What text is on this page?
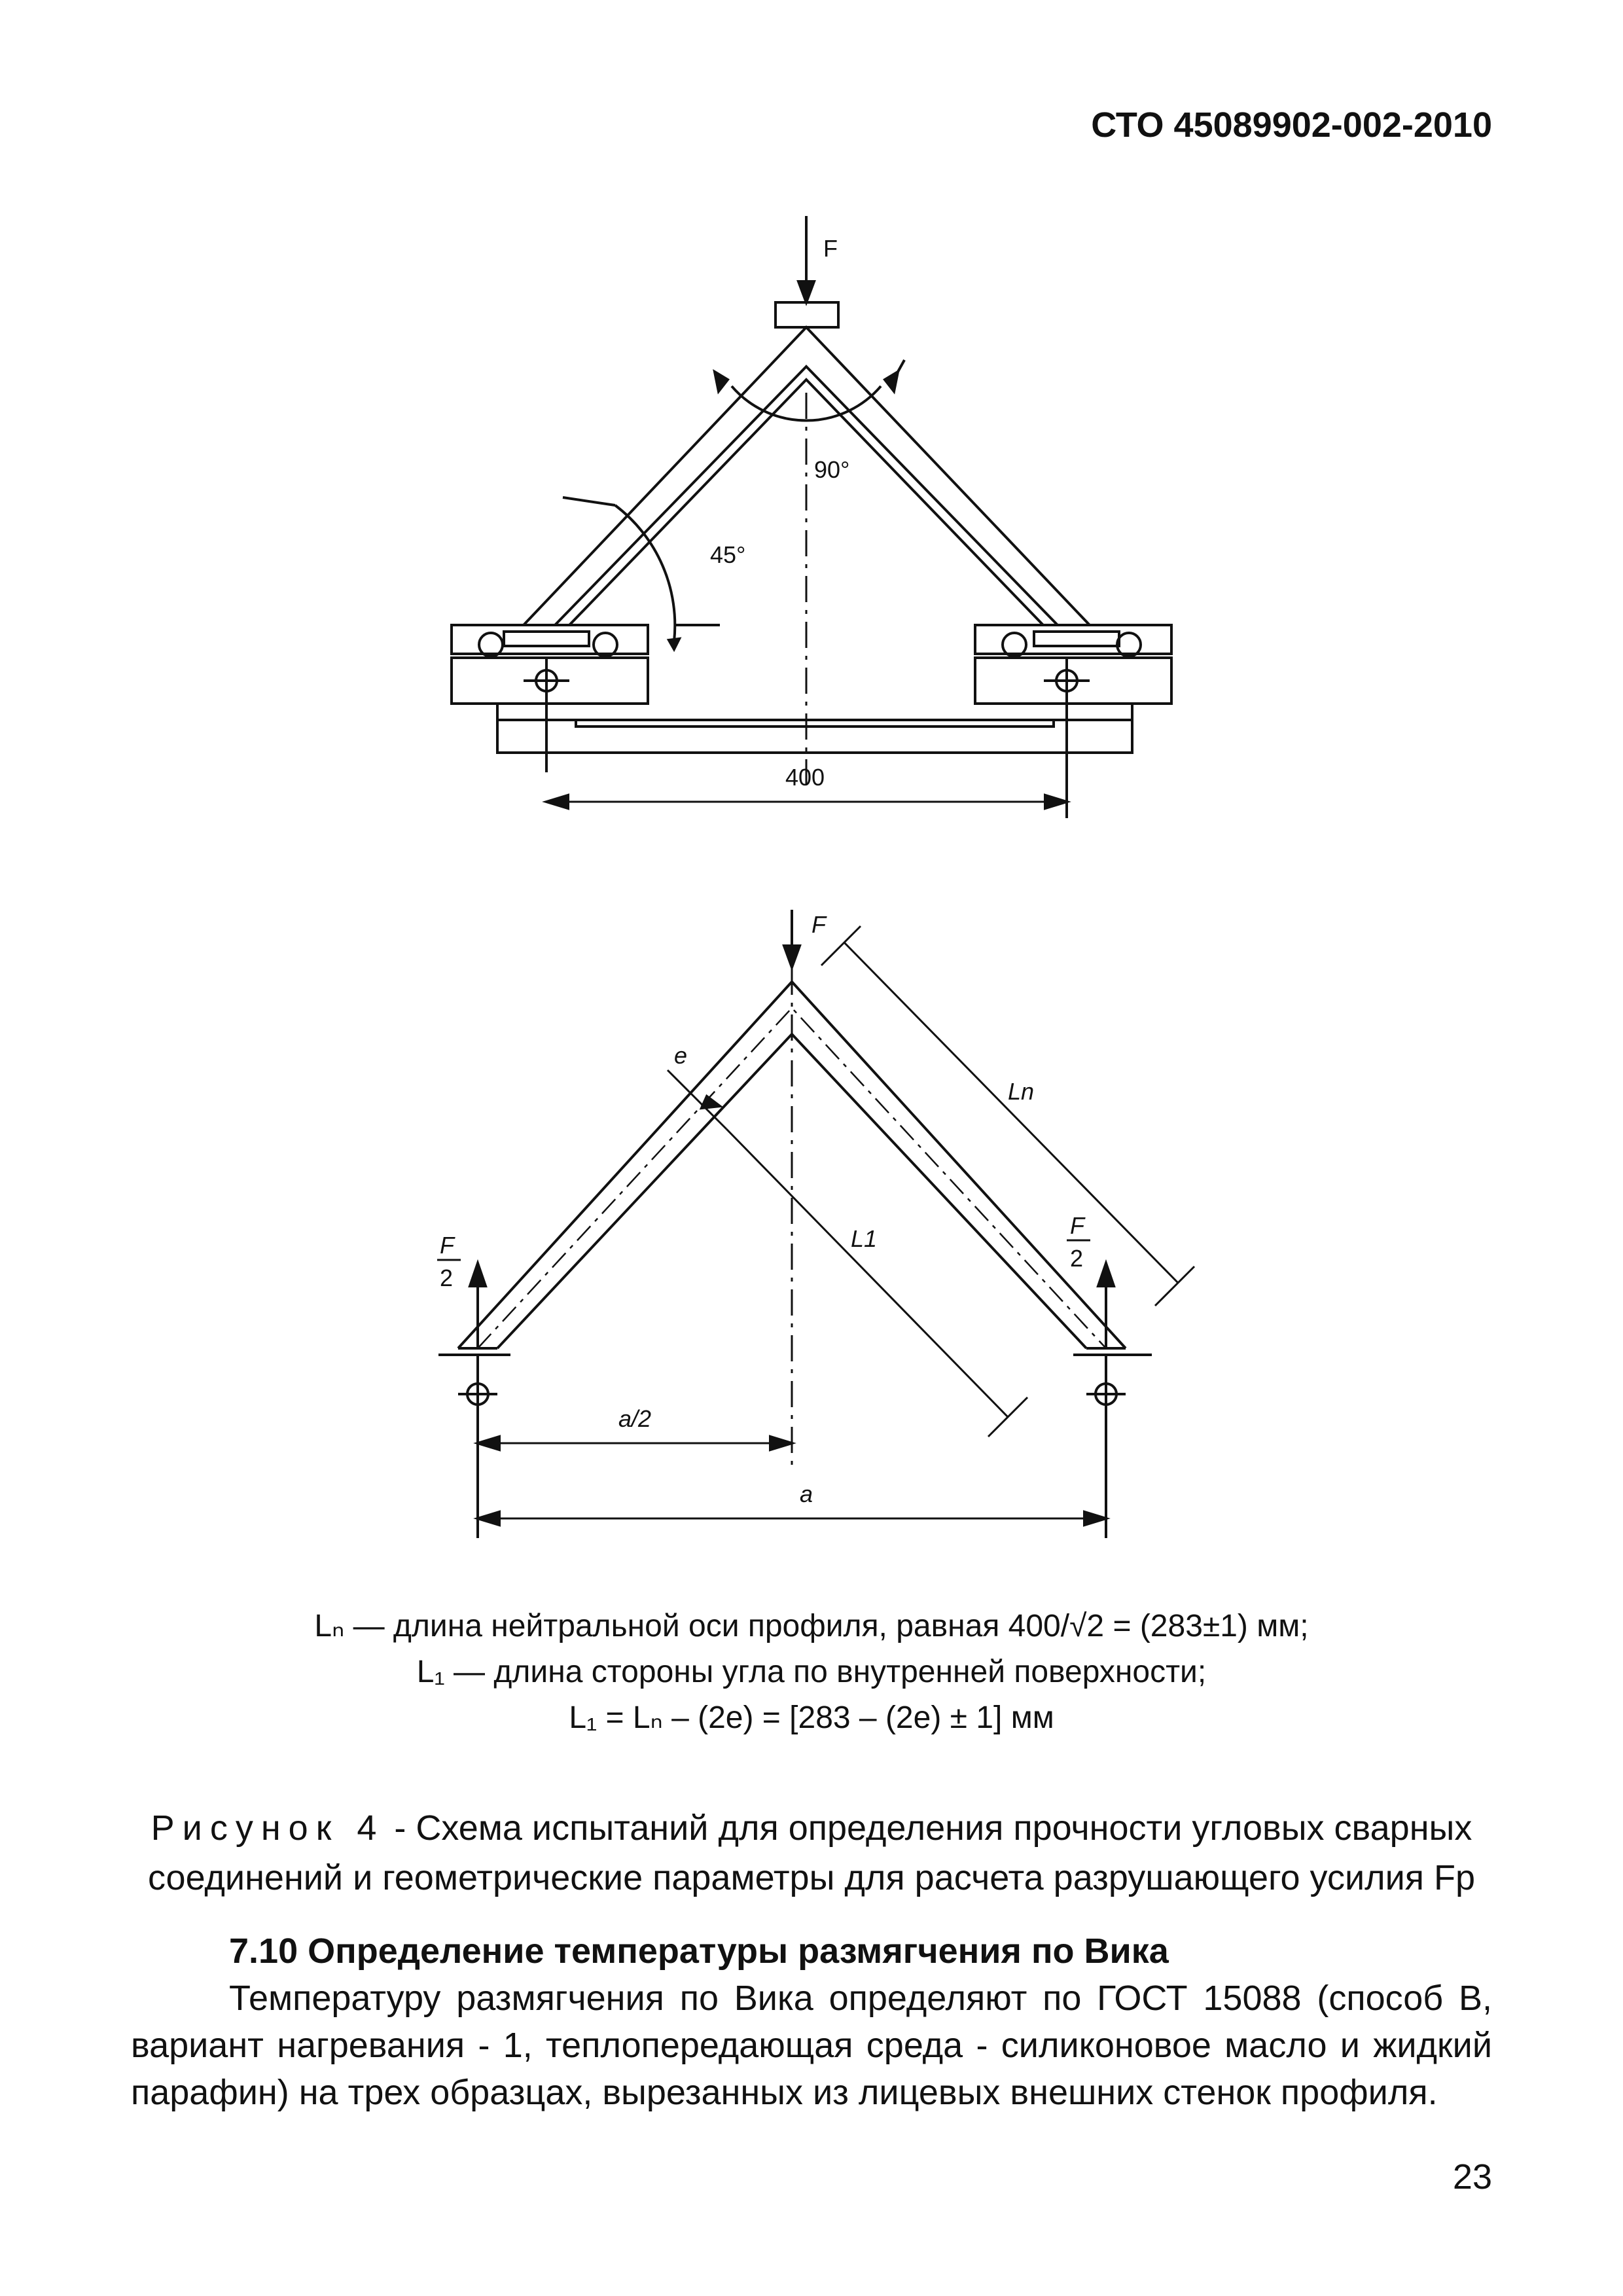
СТО 45089902-002-2010
F
90°
45°
400
F
F
2
F
2
e
Ln
L1
a/2
a
Lₙ — длина нейтральной оси профиля, равная 400/√2 = (283±1) мм;
L₁ — длина стороны угла по внутренней поверхности;
L₁ = Lₙ – (2e) = [283 – (2e) ± 1] мм
Рисунок 4 - Схема испытаний для определения прочности угловых сварных соединений и геометрические параметры для расчета разрушающего усилия Fр
7.10 Определение температуры размягчения по Вика

Температуру размягчения по Вика определяют по ГОСТ 15088 (способ В, вариант нагревания - 1, теплопередающая среда - силиконовое масло и жидкий парафин) на трех образцах, вырезанных из лицевых внешних стенок профиля.

23
